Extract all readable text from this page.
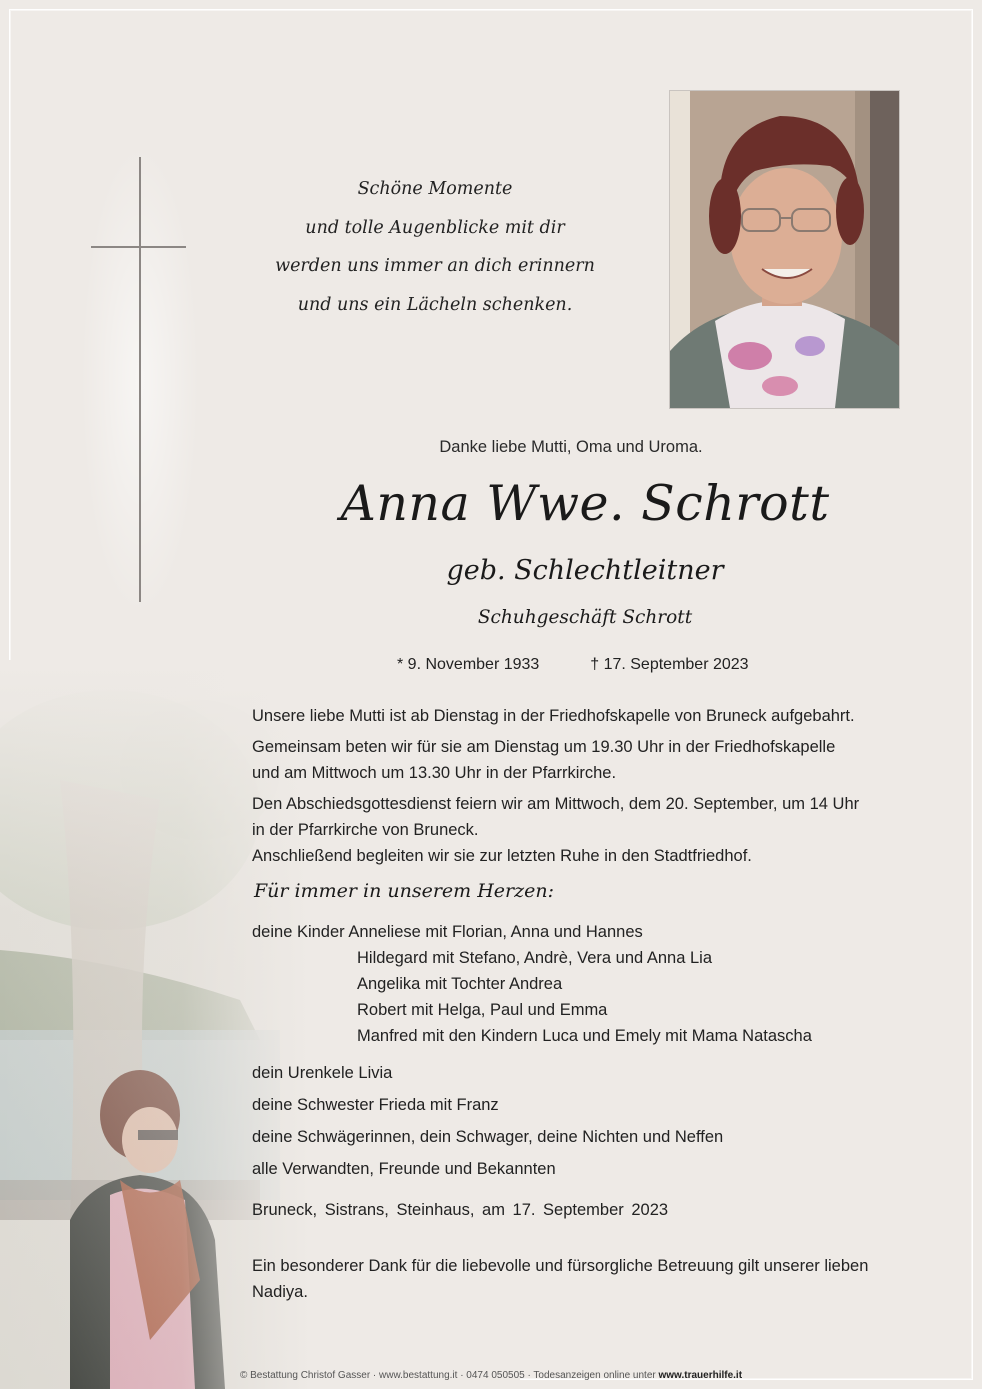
Schöne Momente
und tolle Augenblicke mit dir
werden uns immer an dich erinnern
und uns ein Lächeln schenken.
Danke liebe Mutti, Oma und Uroma.
Anna Wwe. Schrott
geb. Schlechtleitner
Schuhgeschäft Schrott
* 9. November 1933	† 17. September 2023
Unsere liebe Mutti ist ab Dienstag in der Friedhofskapelle von Bruneck aufgebahrt.
Gemeinsam beten wir für sie am Dienstag um 19.30 Uhr in der Friedhofskapelle
und am Mittwoch um 13.30 Uhr in der Pfarrkirche.
Den Abschiedsgottesdienst feiern wir am Mittwoch, dem 20. September, um 14 Uhr
in der Pfarrkirche von Bruneck.
Anschließend begleiten wir sie zur letzten Ruhe in den Stadtfriedhof.
Für immer in unserem Herzen:
deine Kinder Anneliese mit Florian, Anna und Hannes
Hildegard mit Stefano, Andrè, Vera und Anna Lia
Angelika mit Tochter Andrea
Robert mit Helga, Paul und Emma
Manfred mit den Kindern Luca und Emely mit Mama Natascha
dein Urenkele Livia
deine Schwester Frieda mit Franz
deine Schwägerinnen, dein Schwager, deine Nichten und Neffen
alle Verwandten, Freunde und Bekannten
Bruneck, Sistrans, Steinhaus, am 17. September 2023
Ein besonderer Dank für die liebevolle und fürsorgliche Betreuung gilt unserer lieben Nadiya.
© Bestattung Christof Gasser · www.bestattung.it · 0474 050505 · Todesanzeigen online unter www.trauerhilfe.it
